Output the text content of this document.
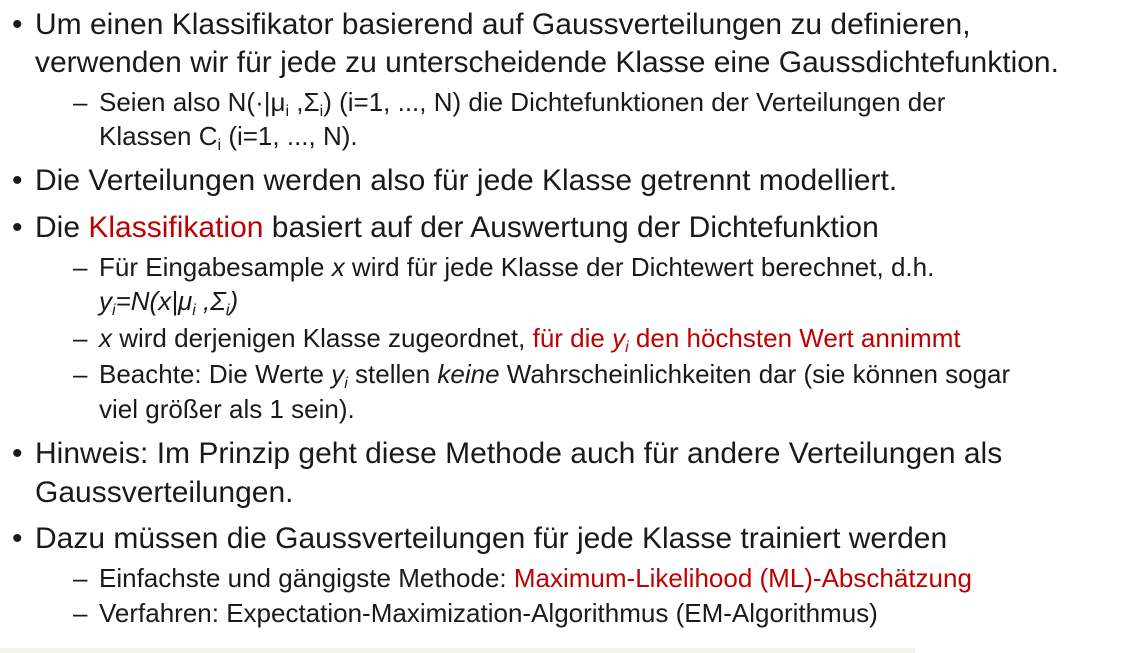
• Um einen Klassifikator basierend auf Gaussverteilungen zu definieren,
verwenden wir für jede zu unterscheidende Klasse eine Gaussdichtefunktion.
– Seien also $N(\cdot|\mu_i$ $,\Sigma_i$) (i=1, ..., N) die Dichtefunktionen der Verteilungen der
Klassen $C_i$ (i=1, ..., N).
• Die Verteilungen werden also für jede Klasse getrennt modelliert.
• Die Klassifikation basiert auf der Auswertung der Dichtefunktion
– Für Eingabesample x wird für jede Klasse der Dichtewert berechnet, d.h.
$y_i=N(x|\mu_i$ $,\Sigma_i$)
– x wird derjenigen Klasse zugeordnet, für die $y_i$ den höchsten Wert annimmt
– Beachte: Die Werte $y_i$ stellen keine Wahrscheinlichkeiten dar (sie können sogar
viel größer als 1 sein).
• Hinweis: Im Prinzip geht diese Methode auch für andere Verteilungen als
Gaussverteilungen.
• Dazu müssen die Gaussverteilungen für jede Klasse trainiert werden
– Einfachste und gängigste Methode: Maximum-Likelihood (ML)-Abschätzung
– Verfahren: Expectation-Maximization-Algorithmus (EM-Algorithmus)
